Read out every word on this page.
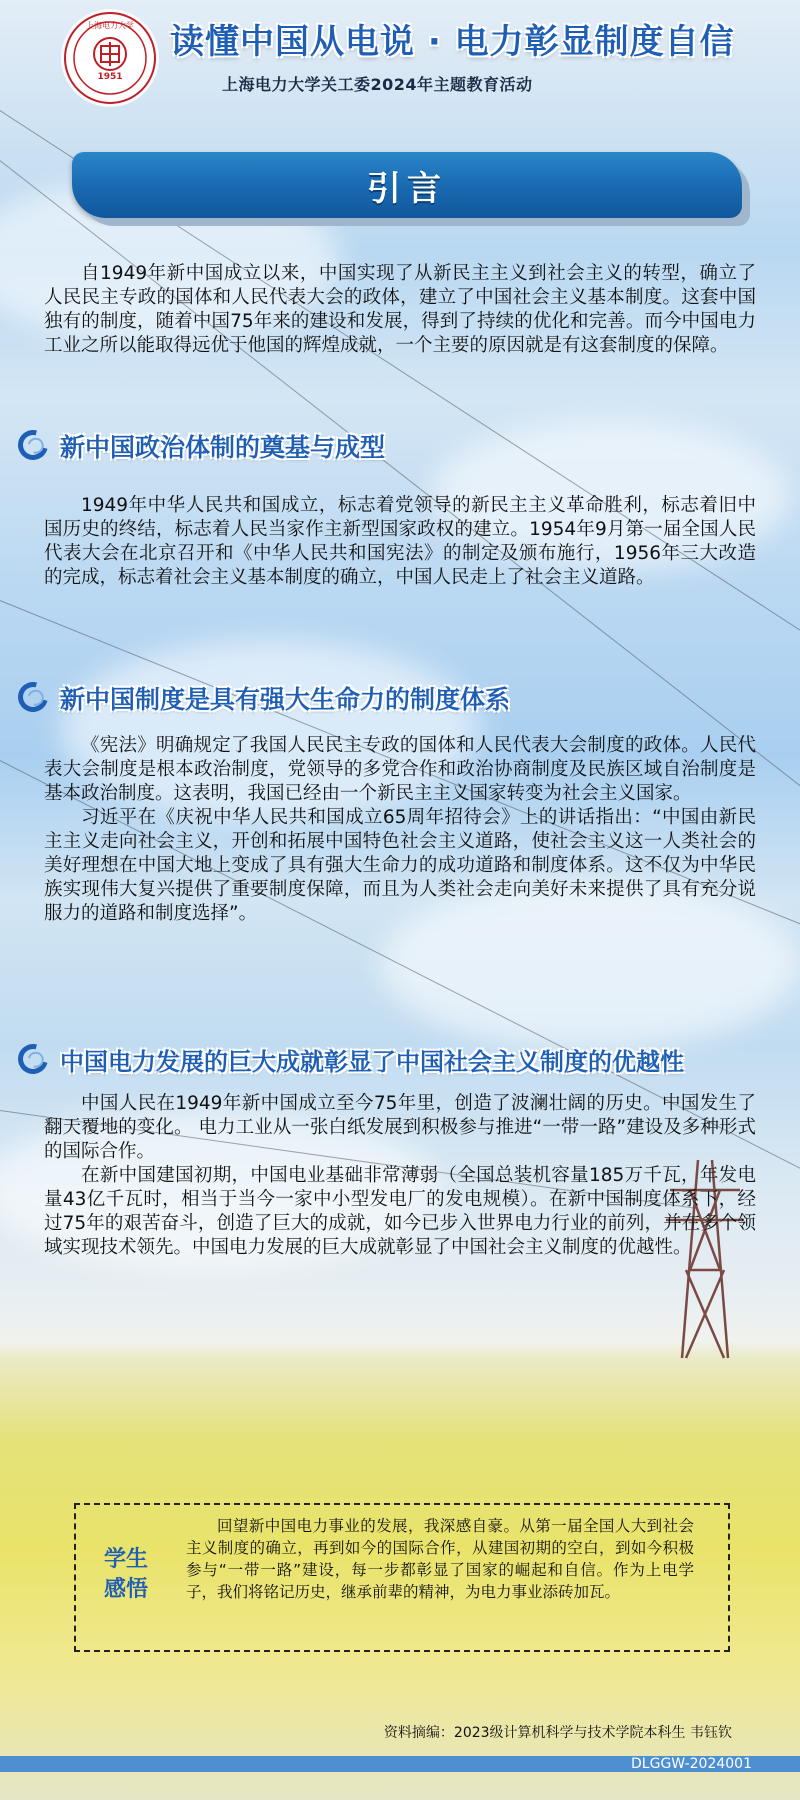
上海电力大学
1951
读懂中国从电说 · 电力彰显制度自信
上海电力大学关工委2024年主题教育活动
引言

自1949年新中国成立以来，中国实现了从新民主主义到社会主义的转型，确立了人民民主专政的国体和人民代表大会的政体，建立了中国社会主义基本制度。这套中国独有的制度，随着中国75年来的建设和发展，得到了持续的优化和完善。而今中国电力工业之所以能取得远优于他国的辉煌成就，一个主要的原因就是有这套制度的保障。

新中国政治体制的奠基与成型

1949年中华人民共和国成立，标志着党领导的新民主主义革命胜利，标志着旧中国历史的终结，标志着人民当家作主新型国家政权的建立。1954年9月第一届全国人民代表大会在北京召开和《中华人民共和国宪法》的制定及颁布施行，1956年三大改造的完成，标志着社会主义基本制度的确立，中国人民走上了社会主义道路。

新中国制度是具有强大生命力的制度体系

《宪法》明确规定了我国人民民主专政的国体和人民代表大会制度的政体。人民代表大会制度是根本政治制度，党领导的多党合作和政治协商制度及民族区域自治制度是基本政治制度。这表明，我国已经由一个新民主主义国家转变为社会主义国家。

习近平在《庆祝中华人民共和国成立65周年招待会》上的讲话指出：“中国由新民主主义走向社会主义，开创和拓展中国特色社会主义道路，使社会主义这一人类社会的美好理想在中国大地上变成了具有强大生命力的成功道路和制度体系。这不仅为中华民族实现伟大复兴提供了重要制度保障，而且为人类社会走向美好未来提供了具有充分说服力的道路和制度选择”。

中国电力发展的巨大成就彰显了中国社会主义制度的优越性

中国人民在1949年新中国成立至今75年里，创造了波澜壮阔的历史。中国发生了翻天覆地的变化。 电力工业从一张白纸发展到积极参与推进“一带一路”建设及多种形式的国际合作。

在新中国建国初期，中国电业基础非常薄弱（全国总装机容量185万千瓦，年发电量43亿千瓦时，相当于当今一家中小型发电厂的发电规模）。在新中国制度体系下，经过75年的艰苦奋斗，创造了巨大的成就，如今已步入世界电力行业的前列，并在多个领域实现技术领先。中国电力发展的巨大成就彰显了中国社会主义制度的优越性。

学生
感悟
回望新中国电力事业的发展，我深感自豪。从第一届全国人大到社会主义制度的确立，再到如今的国际合作，从建国初期的空白，到如今积极参与“一带一路”建设，每一步都彰显了国家的崛起和自信。作为上电学子，我们将铭记历史，继承前辈的精神，为电力事业添砖加瓦。
资料摘编：2023级计算机科学与技术学院本科生 韦钰钦
DLGGW-2024001
